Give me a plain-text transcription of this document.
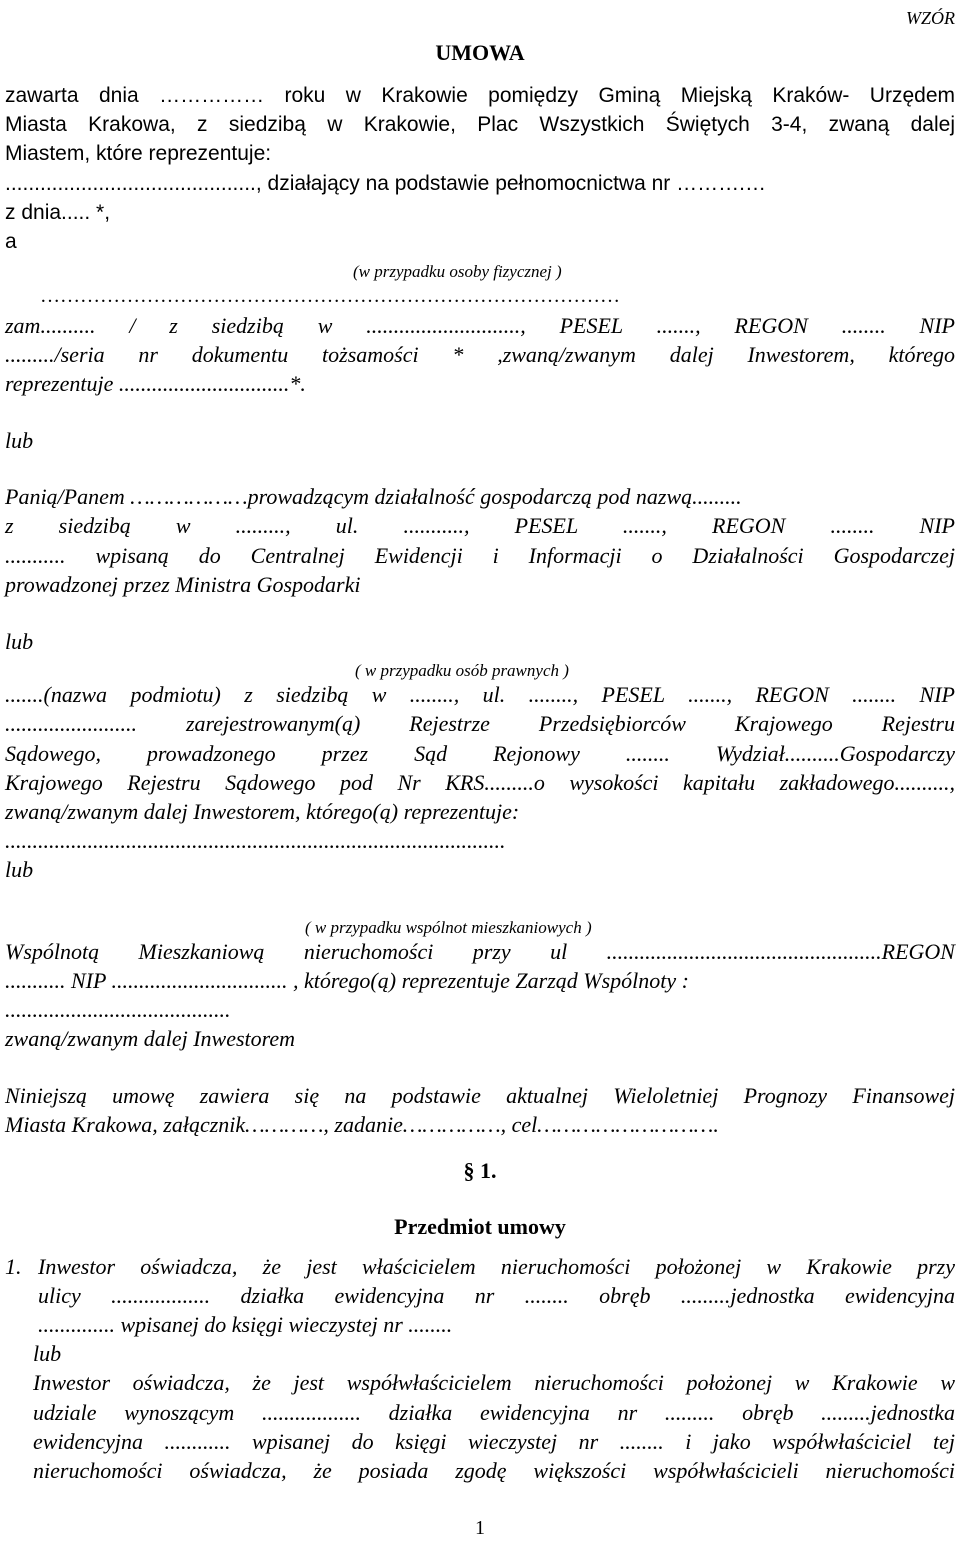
WZÓR
UMOWA
zawarta dnia …………… roku w Krakowie pomiędzy Gminą Miejską Kraków- Urzędem
Miasta Krakowa, z siedzibą w Krakowie, Plac Wszystkich Świętych 3-4, zwaną dalej
Miastem, które reprezentuje:
..........................................., działający na podstawie pełnomocnictwa nr ……….…
z dnia..... *,
a
(w przypadku osoby fizycznej )
……………………………………………………………………………
zam.......... / z siedzibą w ............................, PESEL ......., REGON ........ NIP
........./seria nr dokumentu tożsamości * ,zwaną/zwanym dalej Inwestorem, którego
reprezentuje ...............................*.
lub
Panią/Panem ………………prowadzącym działalność gospodarczą pod nazwą.........
z siedzibą w ........., ul. ..........., PESEL ......., REGON ........ NIP
........... wpisaną do Centralnej Ewidencji i Informacji o Działalności Gospodarczej
prowadzonej przez Ministra Gospodarki
lub
( w przypadku osób prawnych )
.......(nazwa podmiotu) z siedzibą w ........, ul. ........, PESEL ......., REGON ........ NIP
........................ zarejestrowanym(ą) Rejestrze Przedsiębiorców Krajowego Rejestru
Sądowego, prowadzonego przez Sąd Rejonowy ........ Wydział..........Gospodarczy
Krajowego Rejestru Sądowego pod Nr KRS.........o wysokości kapitału zakładowego..........,
zwaną/zwanym dalej Inwestorem, którego(ą) reprezentuje:
...........................................................................................
lub
( w przypadku wspólnot mieszkaniowych )
Wspólnotą Mieszkaniową nieruchomości przy ul ..................................................REGON
........... NIP ................................ , którego(ą) reprezentuje Zarząd Wspólnoty :
.........................................
zwaną/zwanym dalej Inwestorem
Niniejszą umowę zawiera się na podstawie aktualnej Wieloletniej Prognozy Finansowej
Miasta Krakowa, załącznik…………, zadanie……………, cel……………………….
§ 1.
Przedmiot umowy
1. Inwestor oświadcza, że jest właścicielem nieruchomości położonej w Krakowie przy
ulicy .................. działka ewidencyjna nr ........ obręb .........jednostka ewidencyjna
.............. wpisanej do księgi wieczystej nr ........
lub
Inwestor oświadcza, że jest współwłaścicielem nieruchomości położonej w Krakowie w
udziale wynoszącym .................. działka ewidencyjna nr ......... obręb .........jednostka
ewidencyjna ............ wpisanej do księgi wieczystej nr ........ i jako współwłaściciel tej
nieruchomości oświadcza, że posiada zgodę większości współwłaścicieli nieruchomości
1
